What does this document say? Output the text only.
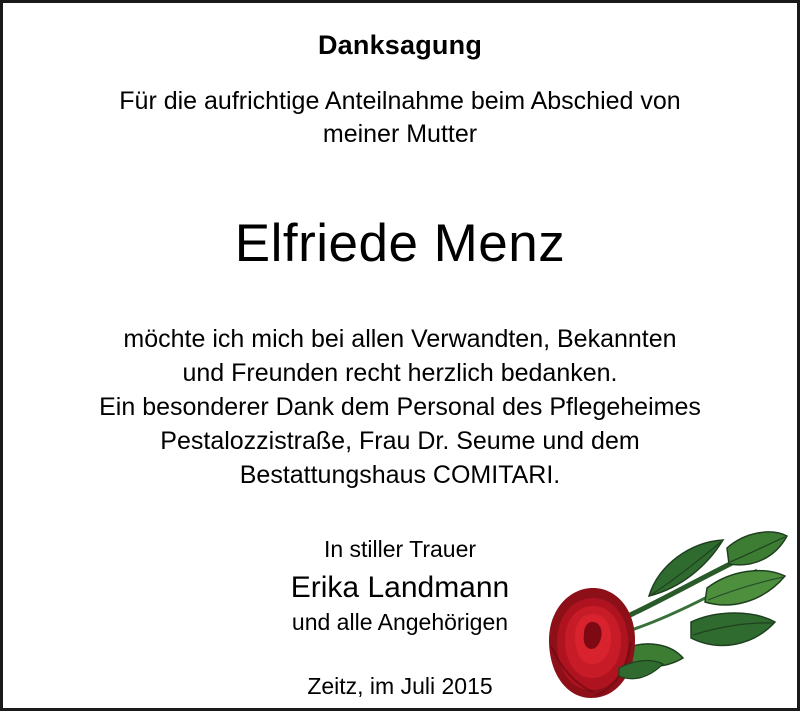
Danksagung
Für die aufrichtige Anteilnahme beim Abschied von
meiner Mutter
Elfriede Menz
möchte ich mich bei allen Verwandten, Bekannten
und Freunden recht herzlich bedanken.
Ein besonderer Dank dem Personal des Pflegeheimes
Pestalozzistraße, Frau Dr. Seume und dem
Bestattungshaus COMITARI.
In stiller Trauer
Erika Landmann
und alle Angehörigen
Zeitz, im Juli 2015
